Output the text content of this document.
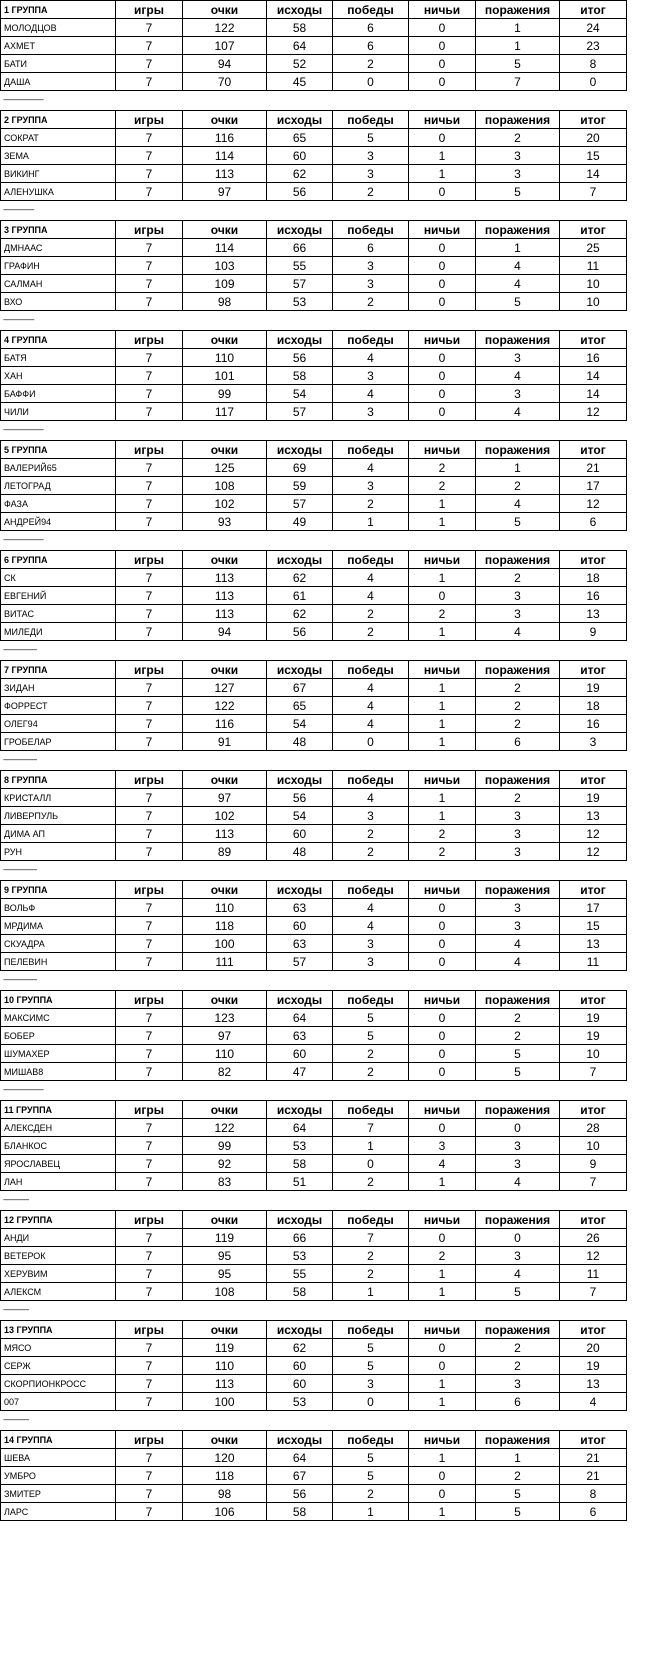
1 ГРУППА	игры	очки	исходы	победы	ничьи	поражения	итог
МОЛОДЦОВ	7	122	58	6	0	1	24
АХМЕТ	7	107	64	6	0	1	23
БАТИ	7	94	52	2	0	5	8
ДАША	7	70	45	0	0	7	0
------------------------------
2 ГРУППА	игры	очки	исходы	победы	ничьи	поражения	итог
СОКРАТ	7	116	65	5	0	2	20
ЗЕМА	7	114	60	3	1	3	15
ВИКИНГ	7	113	62	3	1	3	14
АЛЕНУШКА	7	97	56	2	0	5	7
-----------------------
3 ГРУППА	игры	очки	исходы	победы	ничьи	поражения	итог
ДМНААС	7	114	66	6	0	1	25
ГРАФИН	7	103	55	3	0	4	11
САЛМАН	7	109	57	3	0	4	10
ВХО	7	98	53	2	0	5	10
-----------------------
4 ГРУППА	игры	очки	исходы	победы	ничьи	поражения	итог
БАТЯ	7	110	56	4	0	3	16
ХАН	7	101	58	3	0	4	14
БАФФИ	7	99	54	4	0	3	14
ЧИЛИ	7	117	57	3	0	4	12
------------------------------
5 ГРУППА	игры	очки	исходы	победы	ничьи	поражения	итог
ВАЛЕРИЙ65	7	125	69	4	2	1	21
ЛЕТОГРАД	7	108	59	3	2	2	17
ФАЗА	7	102	57	2	1	4	12
АНДРЕЙ94	7	93	49	1	1	5	6
------------------------------
6 ГРУППА	игры	очки	исходы	победы	ничьи	поражения	итог
СК	7	113	62	4	1	2	18
ЕВГЕНИЙ	7	113	61	4	0	3	16
ВИТАС	7	113	62	2	2	3	13
МИЛЕДИ	7	94	56	2	1	4	9
-------------------------
7 ГРУППА	игры	очки	исходы	победы	ничьи	поражения	итог
ЗИДАН	7	127	67	4	1	2	19
ФОРРЕСТ	7	122	65	4	1	2	18
ОЛЕГ94	7	116	54	4	1	2	16
ГРОБЕЛАР	7	91	48	0	1	6	3
-------------------------
8 ГРУППА	игры	очки	исходы	победы	ничьи	поражения	итог
КРИСТАЛЛ	7	97	56	4	1	2	19
ЛИВЕРПУЛЬ	7	102	54	3	1	3	13
ДИМА АП	7	113	60	2	2	3	12
РУН	7	89	48	2	2	3	12
-------------------------
9 ГРУППА	игры	очки	исходы	победы	ничьи	поражения	итог
ВОЛЬФ	7	110	63	4	0	3	17
МРДИМА	7	118	60	4	0	3	15
СКУАДРА	7	100	63	3	0	4	13
ПЕЛЕВИН	7	111	57	3	0	4	11
-------------------------
10 ГРУППА	игры	очки	исходы	победы	ничьи	поражения	итог
МАКСИМС	7	123	64	5	0	2	19
БОБЕР	7	97	63	5	0	2	19
ШУМАХЕР	7	110	60	2	0	5	10
МИШАВ8	7	82	47	2	0	5	7
------------------------------
11 ГРУППА	игры	очки	исходы	победы	ничьи	поражения	итог
АЛЕКСДЕН	7	122	64	7	0	0	28
БЛАНКОС	7	99	53	1	3	3	10
ЯРОСЛАВЕЦ	7	92	58	0	4	3	9
ЛАН	7	83	51	2	1	4	7
-------------------
12 ГРУППА	игры	очки	исходы	победы	ничьи	поражения	итог
АНДИ	7	119	66	7	0	0	26
ВЕТЕРОК	7	95	53	2	2	3	12
ХЕРУВИМ	7	95	55	2	1	4	11
АЛЕКСМ	7	108	58	1	1	5	7
-------------------
13 ГРУППА	игры	очки	исходы	победы	ничьи	поражения	итог
МЯСО	7	119	62	5	0	2	20
СЕРЖ	7	110	60	5	0	2	19
СКОРПИОНКРОСС	7	113	60	3	1	3	13
007	7	100	53	0	1	6	4
-------------------
14 ГРУППА	игры	очки	исходы	победы	ничьи	поражения	итог
ШЕВА	7	120	64	5	1	1	21
УМБРО	7	118	67	5	0	2	21
ЗМИТЕР	7	98	56	2	0	5	8
ЛАРС	7	106	58	1	1	5	6
